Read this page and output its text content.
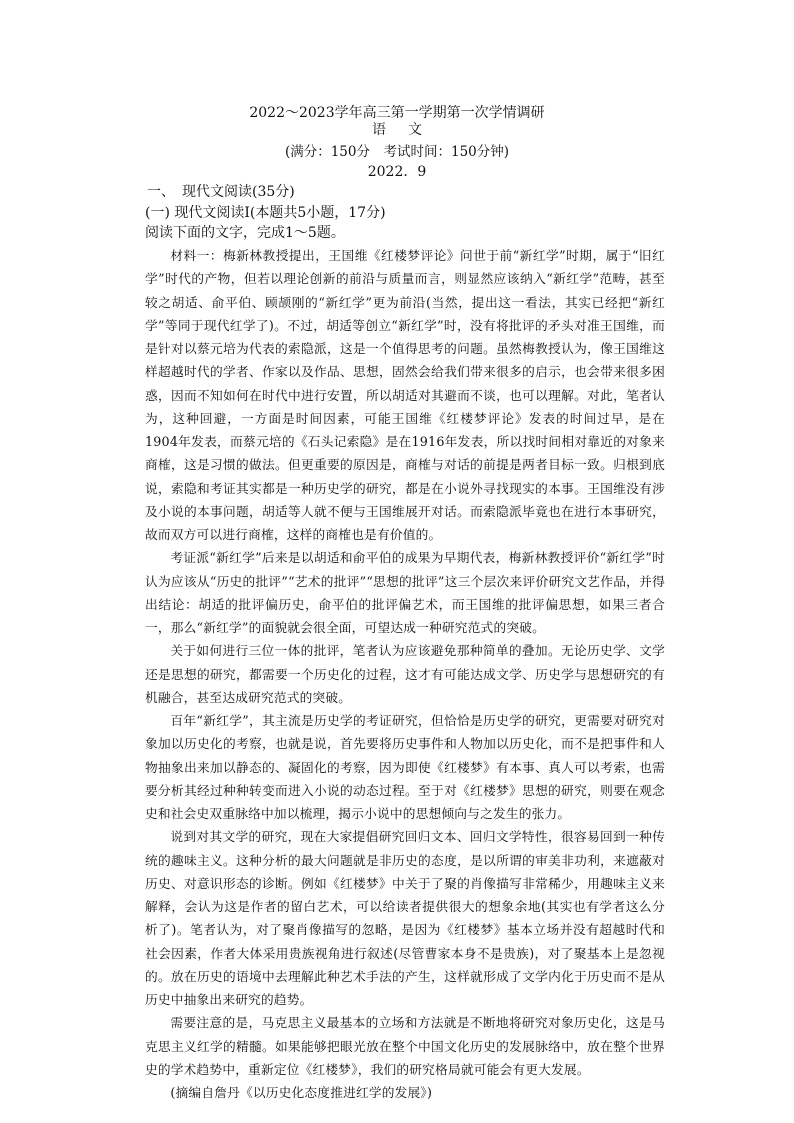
2022～2023学年高三第一学期第一次学情调研
语文
(满分：150分　考试时间：150分钟)
2022．9
一、　现代文阅读(35分)
(一) 现代文阅读Ⅰ(本题共5小题，17分)
阅读下面的文字，完成1～5题。

材料一：梅新林教授提出，王国维《红楼梦评论》问世于前“新红学”时期，属于“旧红学”时代的产物，但若以理论创新的前沿与质量而言，则显然应该纳入“新红学”范畴，甚至较之胡适、俞平伯、顾颉刚的“新红学”更为前沿(当然，提出这一看法，其实已经把“新红学”等同于现代红学了)。不过，胡适等创立“新红学”时，没有将批评的矛头对准王国维，而是针对以蔡元培为代表的索隐派，这是一个值得思考的问题。虽然梅教授认为，像王国维这样超越时代的学者、作家以及作品、思想，固然会给我们带来很多的启示，也会带来很多困惑，因而不知如何在时代中进行安置，所以胡适对其避而不谈，也可以理解。对此，笔者认为，这种回避，一方面是时间因素，可能王国维《红楼梦评论》发表的时间过早，是在1904年发表，而蔡元培的《石头记索隐》是在1916年发表，所以找时间相对靠近的对象来商榷，这是习惯的做法。但更重要的原因是，商榷与对话的前提是两者目标一致。归根到底说，索隐和考证其实都是一种历史学的研究，都是在小说外寻找现实的本事。王国维没有涉及小说的本事问题，胡适等人就不便与王国维展开对话。而索隐派毕竟也在进行本事研究，故而双方可以进行商榷，这样的商榷也是有价值的。

考证派“新红学”后来是以胡适和俞平伯的成果为早期代表，梅新林教授评价“新红学”时认为应该从“历史的批评”“艺术的批评”“思想的批评”这三个层次来评价研究文艺作品，并得出结论：胡适的批评偏历史，俞平伯的批评偏艺术，而王国维的批评偏思想，如果三者合一，那么“新红学”的面貌就会很全面，可望达成一种研究范式的突破。

关于如何进行三位一体的批评，笔者认为应该避免那种简单的叠加。无论历史学、文学还是思想的研究，都需要一个历史化的过程，这才有可能达成文学、历史学与思想研究的有机融合，甚至达成研究范式的突破。

百年“新红学”，其主流是历史学的考证研究，但恰恰是历史学的研究，更需要对研究对象加以历史化的考察，也就是说，首先要将历史事件和人物加以历史化，而不是把事件和人物抽象出来加以静态的、凝固化的考察，因为即使《红楼梦》有本事、真人可以考索，也需要分析其经过种种转变而进入小说的动态过程。至于对《红楼梦》思想的研究，则要在观念史和社会史双重脉络中加以梳理，揭示小说中的思想倾向与之发生的张力。

说到对其文学的研究，现在大家提倡研究回归文本、回归文学特性，很容易回到一种传统的趣味主义。这种分析的最大问题就是非历史的态度，是以所谓的审美非功利，来遮蔽对历史、对意识形态的诊断。例如《红楼梦》中关于了聚的肖像描写非常稀少，用趣味主义来解释，会认为这是作者的留白艺术，可以给读者提供很大的想象余地(其实也有学者这么分析了)。笔者认为，对了聚肖像描写的忽略，是因为《红楼梦》基本立场并没有超越时代和社会因素，作者大体采用贵族视角进行叙述(尽管曹家本身不是贵族)，对了聚基本上是忽视的。放在历史的语境中去理解此种艺术手法的产生，这样就形成了文学内化于历史而不是从历史中抽象出来研究的趋势。

需要注意的是，马克思主义最基本的立场和方法就是不断地将研究对象历史化，这是马克思主义红学的精髓。如果能够把眼光放在整个中国文化历史的发展脉络中，放在整个世界史的学术趋势中，重新定位《红楼梦》，我们的研究格局就可能会有更大发展。

(摘编自詹丹《以历史化态度推进红学的发展》)
